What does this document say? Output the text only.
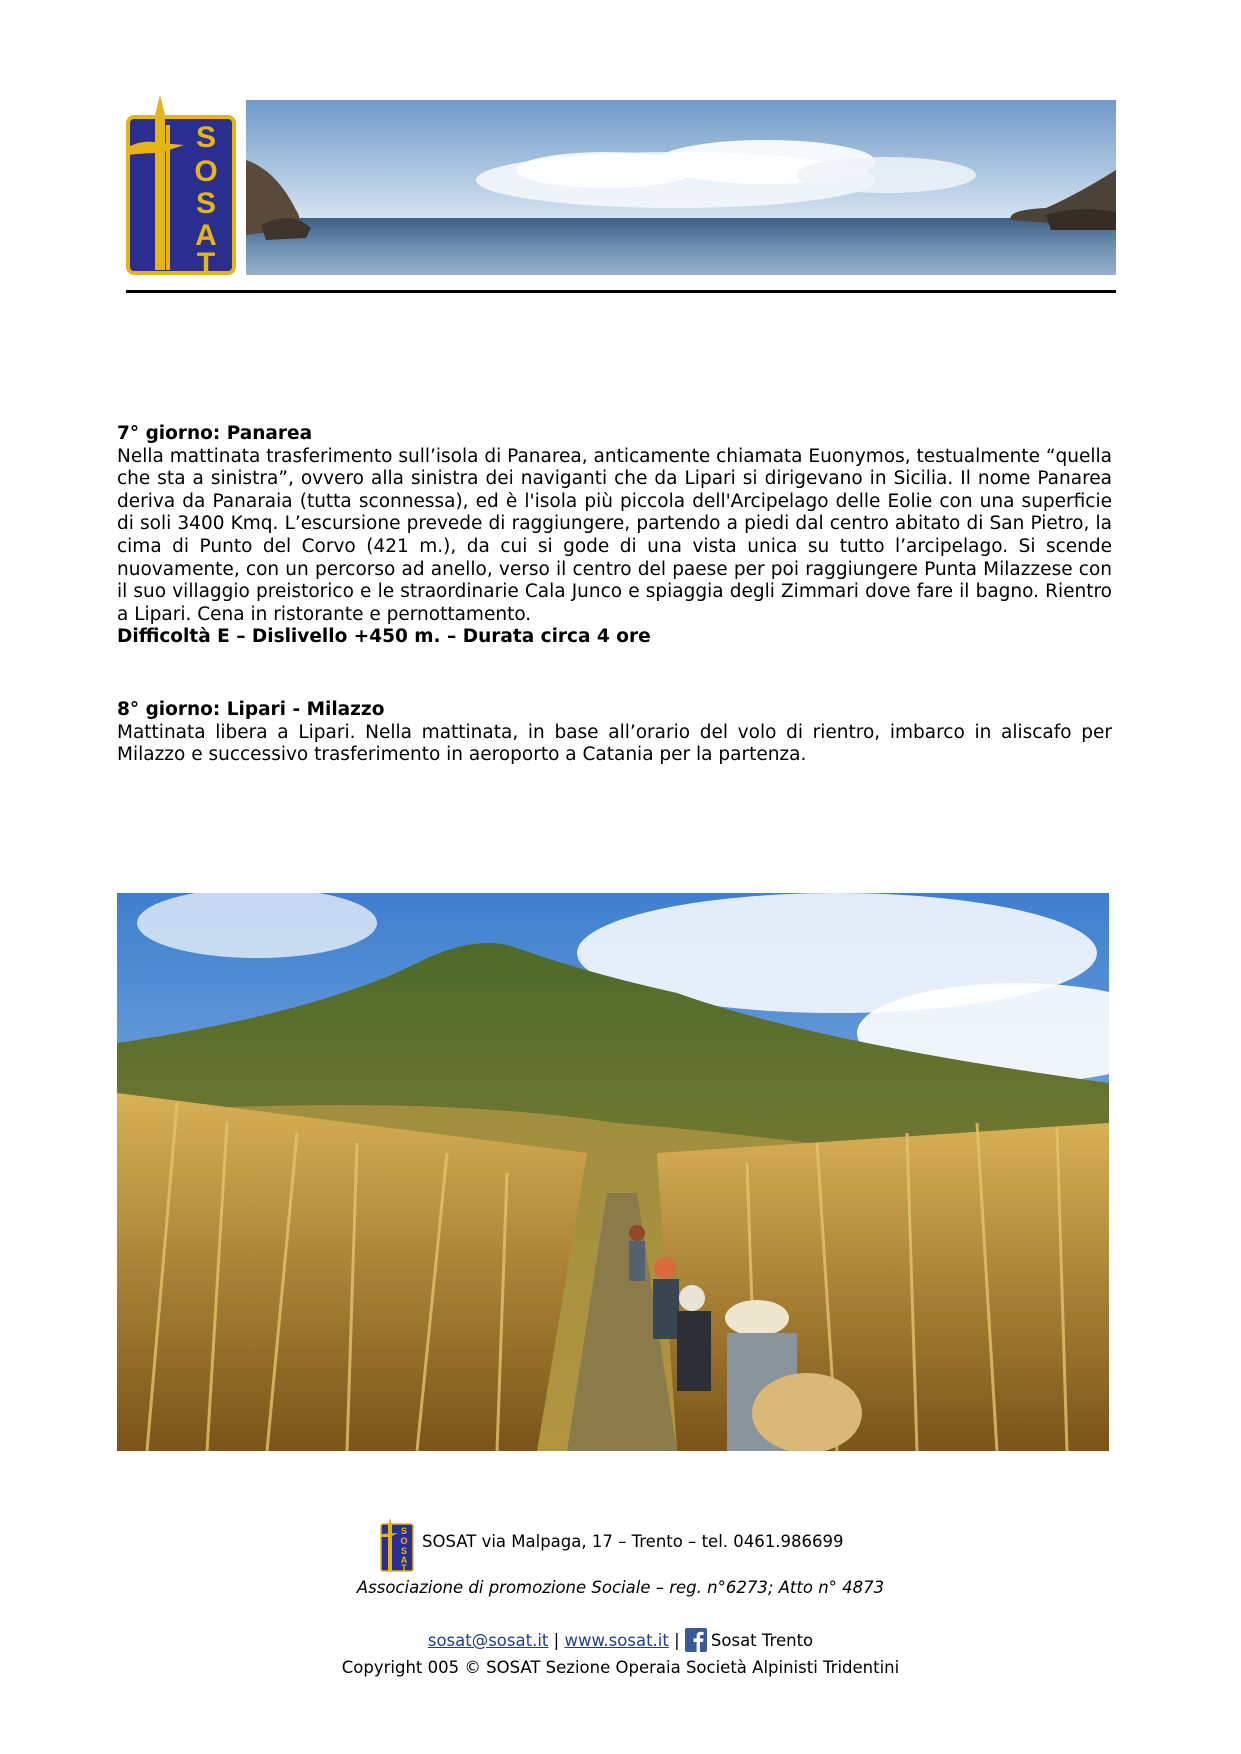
S
O
S
A
T
7° giorno: Panarea

Nella mattinata trasferimento sull’isola di Panarea, anticamente chiamata Euonymos, testualmente “quella che sta a sinistra”, ovvero alla sinistra dei naviganti che da Lipari si dirigevano in Sicilia. Il nome Panarea deriva da Panaraia (tutta sconnessa), ed è l'isola più piccola dell'Arcipelago delle Eolie con una superficie di soli 3400 Kmq. L’escursione prevede di raggiungere, partendo a piedi dal centro abitato di San Pietro, la cima di Punto del Corvo (421 m.), da cui si gode di una vista unica su tutto l’arcipelago. Si scende nuovamente, con un percorso ad anello, verso il centro del paese per poi raggiungere Punta Milazzese con il suo villaggio preistorico e le straordinarie Cala Junco e spiaggia degli Zimmari dove fare il bagno. Rientro a Lipari. Cena in ristorante e pernottamento.

Difficoltà E – Dislivello +450 m. – Durata circa 4 ore

8° giorno: Lipari - Milazzo

Mattinata libera a Lipari. Nella mattinata, in base all’orario del volo di rientro, imbarco in aliscafo per Milazzo e successivo trasferimento in aeroporto a Catania per la partenza.

S
O
S
A
T
SOSAT via Malpaga, 17 – Trento – tel. 0461.986699
Associazione di promozione Sociale – reg. n°6273; Atto n° 4873
sosat@sosat.it | www.sosat.it | Sosat Trento
Copyright 005 © SOSAT Sezione Operaia Società Alpinisti Tridentini
